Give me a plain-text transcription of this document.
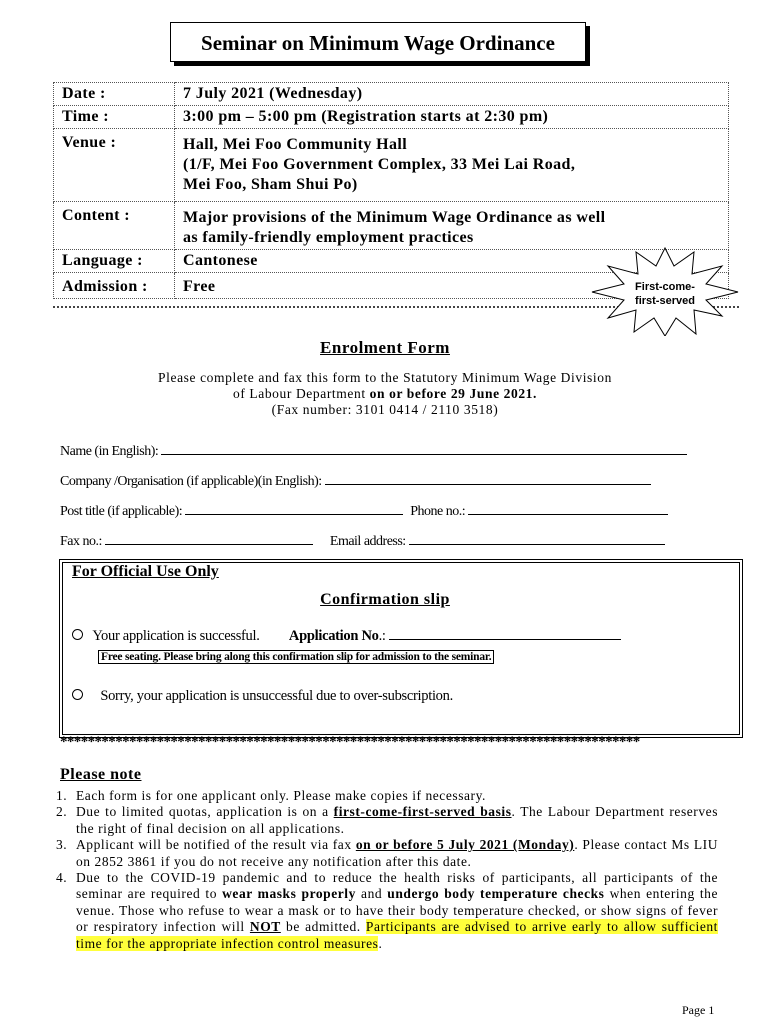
Seminar on Minimum Wage Ordinance
Date :	7 July 2021 (Wednesday)
Time :	3:00 pm – 5:00 pm (Registration starts at 2:30 pm)
Venue :	Hall, Mei Foo Community Hall
(1/F, Mei Foo Government Complex, 33 Mei Lai Road,
Mei Foo, Sham Shui Po)

Content :	Major provisions of the Minimum Wage Ordinance as well
as family-friendly employment practices

Language :	Cantonese
Admission :	Free	First-come-
first-served
Enrolment Form
Please complete and fax this form to the Statutory Minimum Wage Division
of Labour Department on or before 29 June 2021.
(Fax number: 3101 0414 / 2110 3518)
Name (in English):
Company /Organisation (if applicable)(in English):
Post title (if applicable):	Phone no.:
Fax no.:	Email address:
For Official Use Only
Confirmation slip
Your application is successful. Application No.:
Free seating. Please bring along this confirmation slip for admission to the seminar.
Sorry, your application is unsuccessful due to over-subscription.
************************************************************************************
Please note
1. Each form is for one applicant only. Please make copies if necessary.
2. Due to limited quotas, application is on a first-come-first-served basis. The Labour Department reserves the right of final decision on all applications.
3. Applicant will be notified of the result via fax on or before 5 July 2021 (Monday). Please contact Ms LIU on 2852 3861 if you do not receive any notification after this date.
4. Due to the COVID-19 pandemic and to reduce the health risks of participants, all participants of the seminar are required to wear masks properly and undergo body temperature checks when entering the venue. Those who refuse to wear a mask or to have their body temperature checked, or show signs of fever or respiratory infection will NOT be admitted. Participants are advised to arrive early to allow sufficient time for the appropriate infection control measures.
Page 1
